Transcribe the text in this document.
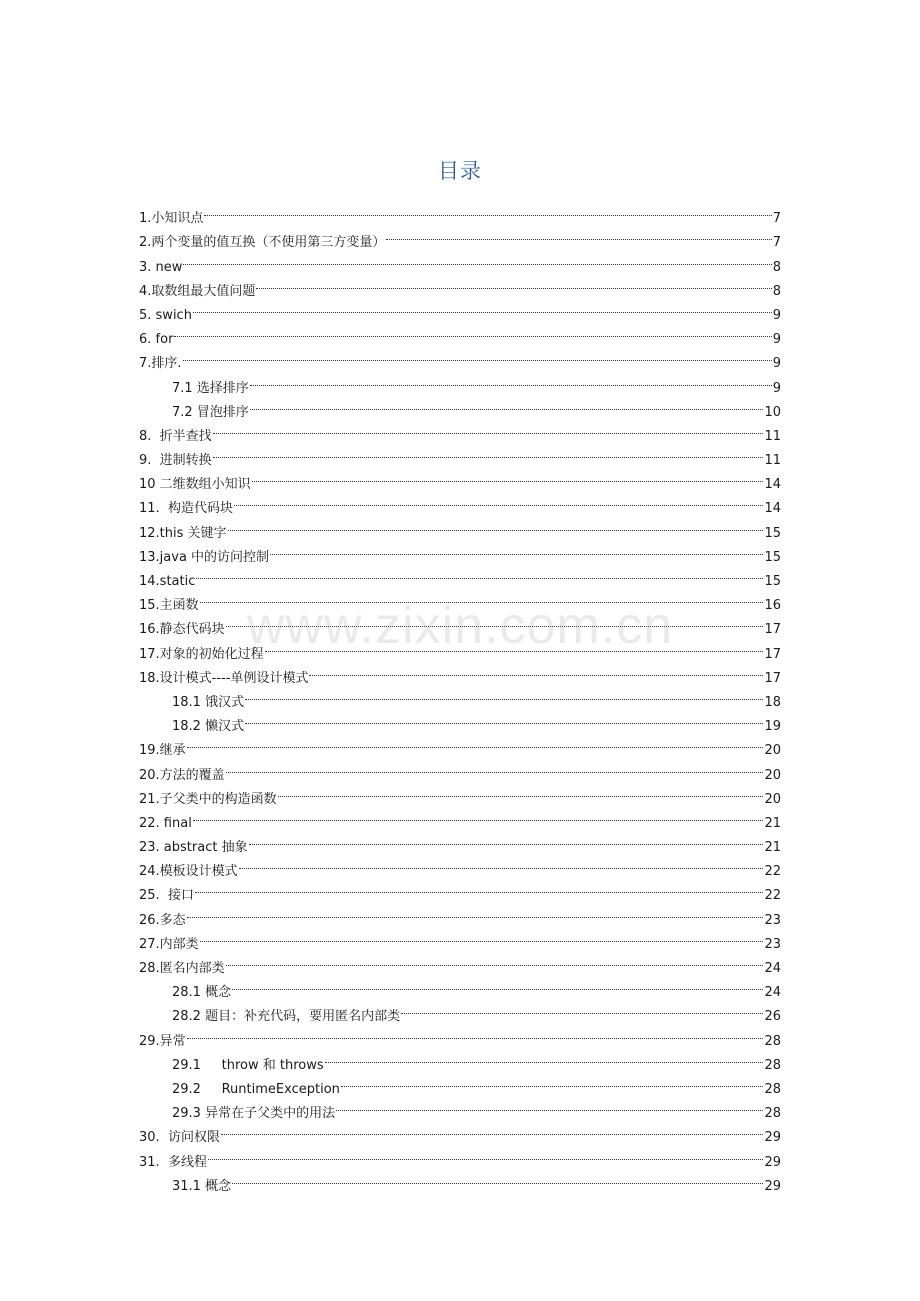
目录
1.小知识点	7
2.两个变量的值互换（不使用第三方变量）	7
3. new	8
4.取数组最大值问题	8
5. swich	9
6. for	9
7.排序.	9
7.1 选择排序	9
7.2 冒泡排序	10
8.  折半查找	11
9.  进制转换	11
10 二维数组小知识	14
11.  构造代码块	14
12.this 关键字	15
13.java 中的访问控制	15
14.static	15
15.主函数	16
16.静态代码块	17
17.对象的初始化过程	17
18.设计模式----单例设计模式	17
18.1 饿汉式	18
18.2 懒汉式	19
19.继承	20
20.方法的覆盖	20
21.子父类中的构造函数	20
22. final	21
23. abstract 抽象	21
24.模板设计模式	22
25.  接口	22
26.多态	23
27.内部类	23
28.匿名内部类	24
28.1 概念	24
28.2 题目：补充代码，要用匿名内部类	26
29.异常	28
29.1     throw 和 throws	28
29.2     RuntimeException	28
29.3 异常在子父类中的用法	28
30.  访问权限	29
31.  多线程	29
31.1 概念	29
www.zixin.com.cn
